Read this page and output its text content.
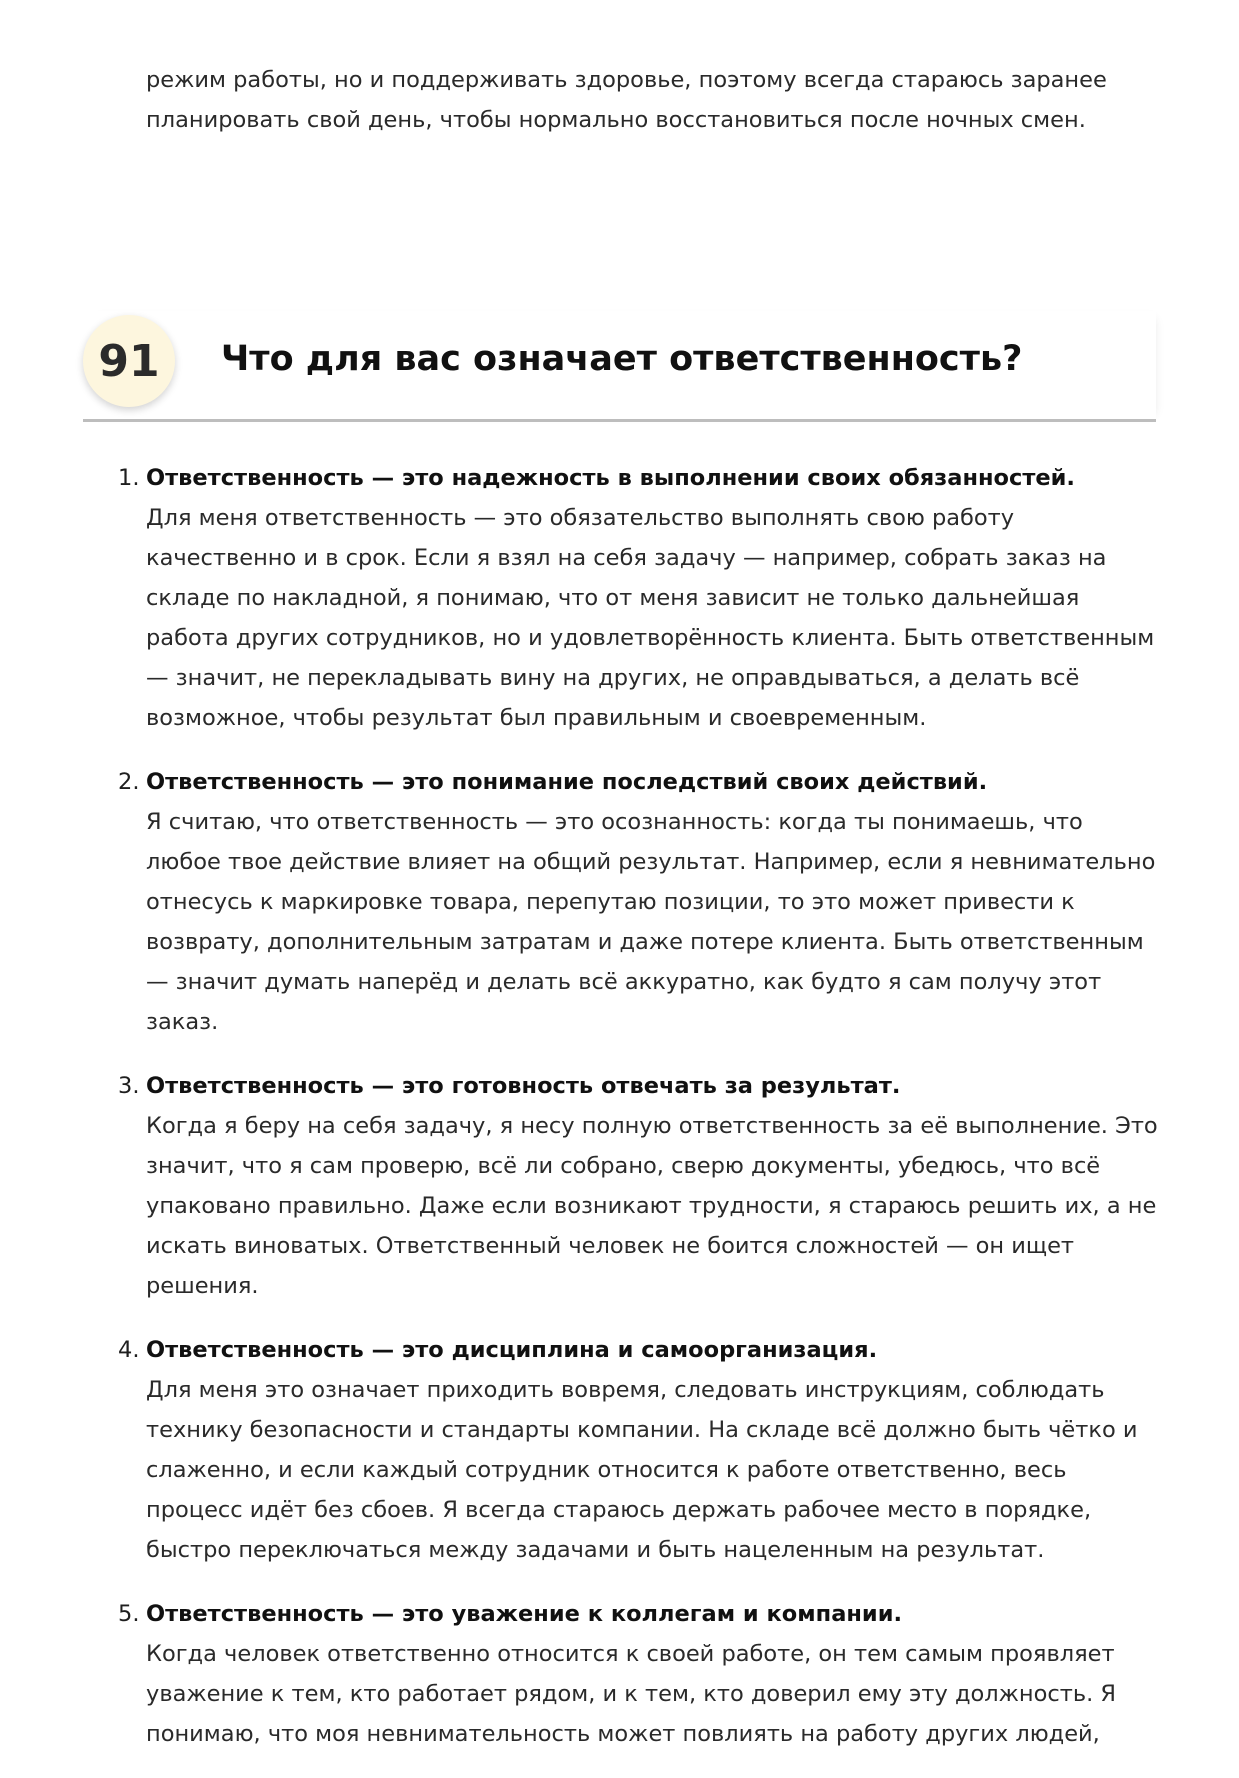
режим работы, но и поддерживать здоровье, поэтому всегда стараюсь заранее планировать свой день, чтобы нормально восстановиться после ночных смен.

91	Что для вас означает ответственность?
1. Ответственность — это надежность в выполнении своих обязанностей.

Для меня ответственность — это обязательство выполнять свою работу качественно и в срок. Если я взял на себя задачу — например, собрать заказ на складе по накладной, я понимаю, что от меня зависит не только дальнейшая работа других сотрудников, но и удовлетворённость клиента. Быть ответственным — значит, не перекладывать вину на других, не оправдываться, а делать всё возможное, чтобы результат был правильным и своевременным.

2. Ответственность — это понимание последствий своих действий.

Я считаю, что ответственность — это осознанность: когда ты понимаешь, что любое твое действие влияет на общий результат. Например, если я невнимательно отнесусь к маркировке товара, перепутаю позиции, то это может привести к возврату, дополнительным затратам и даже потере клиента. Быть ответственным — значит думать наперёд и делать всё аккуратно, как будто я сам получу этот заказ.

3. Ответственность — это готовность отвечать за результат.

Когда я беру на себя задачу, я несу полную ответственность за её выполнение. Это значит, что я сам проверю, всё ли собрано, сверю документы, убедюсь, что всё упаковано правильно. Даже если возникают трудности, я стараюсь решить их, а не искать виноватых. Ответственный человек не боится сложностей — он ищет решения.

4. Ответственность — это дисциплина и самоорганизация.

Для меня это означает приходить вовремя, следовать инструкциям, соблюдать технику безопасности и стандарты компании. На складе всё должно быть чётко и слаженно, и если каждый сотрудник относится к работе ответственно, весь процесс идёт без сбоев. Я всегда стараюсь держать рабочее место в порядке, быстро переключаться между задачами и быть нацеленным на результат.

5. Ответственность — это уважение к коллегам и компании.

Когда человек ответственно относится к своей работе, он тем самым проявляет уважение к тем, кто работает рядом, и к тем, кто доверил ему эту должность. Я понимаю, что моя невнимательность может повлиять на работу других людей,
